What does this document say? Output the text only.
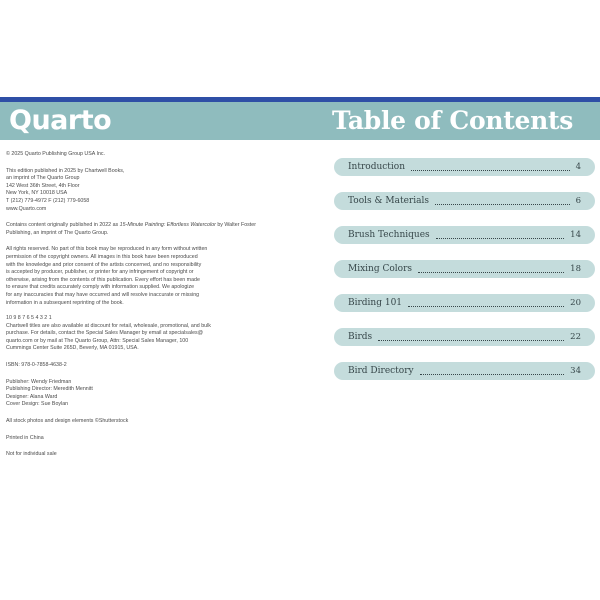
Quarto	Table of Contents

© 2025 Quarto Publishing Group USA Inc.

This edition published in 2025 by Chartwell Books,

an imprint of The Quarto Group

142 West 36th Street, 4th Floor

New York, NY 10018 USA

T (212) 779-4972 F (212) 779-6058

www.Quarto.com

Contains content originally published in 2022 as 15-Minute Painting: Effortless Watercolor by Walter Foster Publishing, an imprint of The Quarto Group.

All rights reserved. No part of this book may be reproduced in any form without written

permission of the copyright owners. All images in this book have been reproduced

with the knowledge and prior consent of the artists concerned, and no responsibility

is accepted by producer, publisher, or printer for any infringement of copyright or

otherwise, arising from the contents of this publication. Every effort has been made

to ensure that credits accurately comply with information supplied. We apologize

for any inaccuracies that may have occurred and will resolve inaccurate or missing

information in a subsequent reprinting of the book.

10 9 8 7 6 5 4 3 2 1

Chartwell titles are also available at discount for retail, wholesale, promotional, and bulk

purchase. For details, contact the Special Sales Manager by email at specialsales@

quarto.com or by mail at The Quarto Group, Attn: Special Sales Manager, 100

Cummings Center Suite 265D, Beverly, MA 01915, USA.

ISBN: 978-0-7858-4638-2

Publisher: Wendy Friedman

Publishing Director: Meredith Mennitt

Designer: Alana Ward

Cover Design: Sue Boylan

All stock photos and design elements ©Shutterstock

Printed in China

Not for individual sale

Introduction	4
Tools & Materials	6
Brush Techniques	14
Mixing Colors	18
Birding 101	20
Birds	22
Bird Directory	34
